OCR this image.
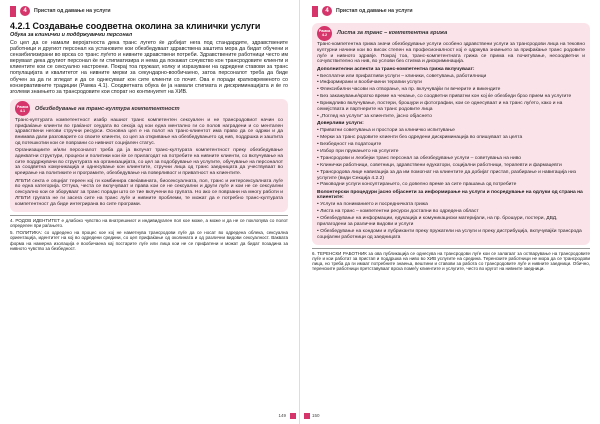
4	Пристап од давање на услуги
4.2.1 Создавање соодветна околина за клинички услуги
Обука за клинички и поддржувачки персонал

Со цел да се намали веројатноста дека транс лугето ќе добијат нега под стандардите, здравствените работници и другиот персонал ка установите кои обезбедуваат здравствена заштита мора да бидат обучени и сензибилизирани во врска со транс луѓето и нивните здравствени потреби. Здравствените работници често им веруваат дека другиот персонал ќе ги стигматизира и нема да покажат сочувство кон трансродовите клиенти и клиентите кои се сексуално настроени. Покрај тоа пружаат, колку и изразувани на одредени ставови за транс популацијата и квалитетот на нивните мерки за секундарно-вообичаено, затоа персоналот треба да биде обучен за да ги згледат и да се однесуваат кон сите клиенти со почит. Ова е поради кратковременото со конзервативните традиции (Рамка 4.1). Соодветната обука ќе ја намали стигмата и дискриминацијата и ќе го зголеми знаењето за трансродовите кои спорат но континуитет на ХИВ.

Рамка 4.1	Обезбедување на транс-култура компетентност

Транс-културата компетентност изабр нашиот транс компетентен сексуален и не трансродовиот начин со прифаќање клиенти во граќанот сеудата во секоја од кои една ментално ги со полов наградени и со ментален здравствени негови стручни ресурси. Основна цел е на полот на транс-клиентот има право да се одржи и да внимава дали разговарите со своите клиенти, со цел за откривање на обезбедувањето од нив, поддршка и заштита од потешкотии кои се поврзани со нивниот социјален статус.

Организациите и/или персоналот треба да ја вклучат транс-културата компетентност преку обезбедување адекватни структури, процеси и политики кои ќе се прилагодат на потребите на нивните клиенти, со вклучување на сите поддржувачи во структурата на организацијата, со цел за подобрување на услугите, обучување на персоналот за соодветна комуникација и однесување кон клиентите, стручни лица од транс заедницата да учествуваат во креирање на политиките и програмите, обезбедување на поверливост и приватност на клиентите.

ЛГБТИ секта е опцијат тереен кој ги комбинира свеќавината, биосексуалната, пол, транс и интерсексуалната луѓе во една категорија. Оттука, честа се вклучуваат и права кои се не сексуални и други луѓе и кои не се сексуални сексуално кои се зборуваат за транс поради што се тие вклучени во групата. Но ако се поврзани на многу работи и ЛГБТИ групата не ги засега сите на транс луѓе и нивните проблеми, те можат да е потребно транс-културата компетентност да биде интегрирана во сите програми.

4. РОДОВ ИДЕНТИТЕТ е длабоко чувство на внатрешниот и индивидуален пол кое може, а може и да не се поклопува со полот определен при раѓањето.

5. ПОЛИТИКА: со одредено на процес кое кој не наметнува трансродови луѓе да се носат во одредена облека, сексуална ориентација, идентитет на кој во одредени средини, со цел прифаќање од околината и од различни видови сексуалност. Ваквата форма на намерна изолација е вообичаена кај постарите луѓе или лица кои не се прифатени и можат да бидат позадина за нивното чувство за безбедност.

149
4	Пристап од давање на услуги
Рамка 4.2	Листа за транс – компетентна грижа

Транс-компетентна грижа значи обезбедување услуги особено здравствени услуги за трансродови лица на тековно културни начини кои во висок степен на професионалност кој е одржува знаењето за прифаќање транс родовите луѓе и нивното здравје. Покрај тоа, транс-компетентната грижа се прима на почитување, несоодветни и сочувствително на нив, во услови без стигма и дискриминација.

Дополнителни аспекти за транс-компетентна грижа вклучуваат:
• Бесплатни или прифатливи услуги – клиники, советувања, работилници
• Информирани и вообичаени терапии услуги
• Флексибилни часови на отворање, на пр. вклучувајќи ги вечерите и викендите
• Без закажување/кратко време на чекање, со соодветни приватни кон кој ќе обезбеди брзо прием на услугите
• Бриждливо вклучување, постери, брошури и фотографии, кои се однесуваат и на транс луѓето, како и на семејствата и партнерите на транс родовите лица
• „Поглед на услуги“ за клиентите, јасно објаснето
Доверливи услуги:
• Приватни советувања и простори за клиничко испитување
• Мерки за транс родовите клиенти без одредени дискриминација во опишуваат за целта
• Безбедност на податоците
• Избор при пружањето на услугите
• Трансродови и лезбејки транс персонал за обезбедување услуги – советувања на ниво
• Клинички работници, советници, здравствени едукатори, социјални работници, терапевти и фармацевти
• Трансродова лице навигација за да им помогнат на клиентите да добијат пристап, разбирање и навигација низ услугите (види Секција 4.2.2)
• Раководни услуги консултирањето, со довелно време за сите прашања од потребите
Волонтерски процедури јасно објаснети за информирање на услуги и посредување на одлуки од страна на клиентите:
• Услуги на пониманието и посредничката грижа
• Листа на транс – компетентни ресурси достапни во одредена област
• Обезбедување на информации, едукација и комуникациски материјали, на пр. брошури, постери, ДВД, прилагодени за различни видови и услуги
• Обезбедување на кондоми и лубриканти преку пружатели на услуги и преку дистрибуција, вклучувајќи трансрода социјални работници од заедницата

6. ТЕРЕНСКИ РАБОТНИК за ова публикација се однесува на трансродови луѓе кои се залагаат за остварување на трансродовите луѓе и кои работат за пристап и поддршка на ниво во ХИВ услугите на средина. Теренските работници не мора да се трансродови лица, но треба да ги имаат потребните знаења, вештини и ставови за работа со трансродовите луѓе и нивните заедници. Обично, теренските работници претставуваат врска помеѓу клиентите и услугите, често во кругот на нивните заедници.

150
